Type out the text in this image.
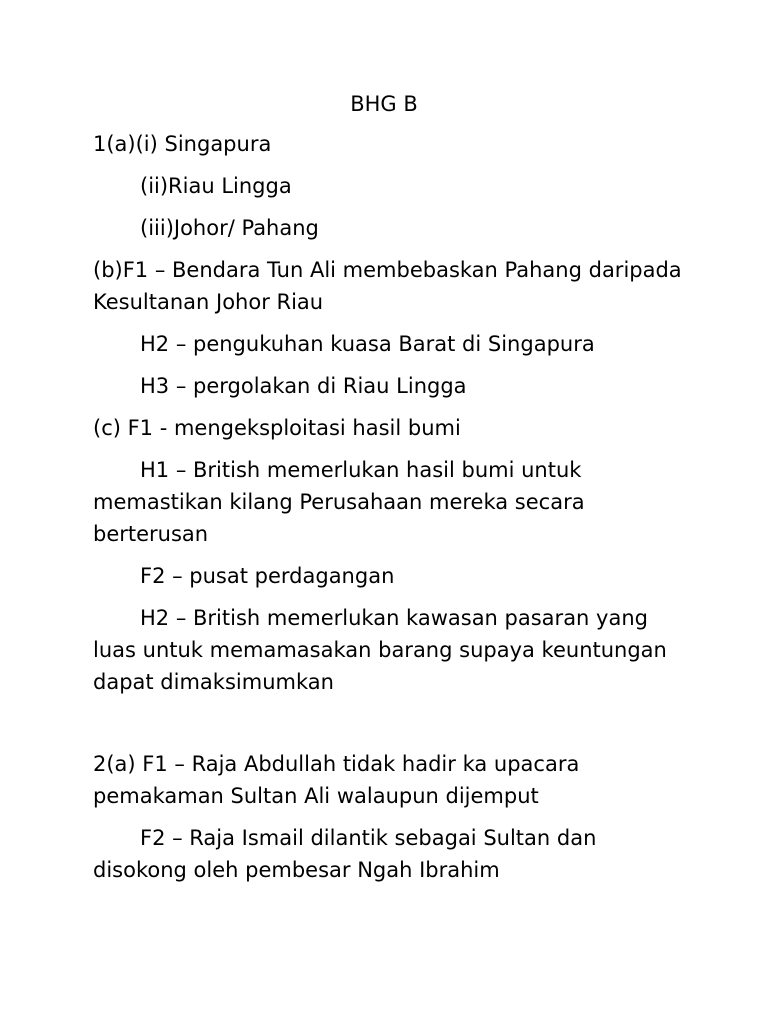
BHG B

1(a)(i) Singapura

(ii)Riau Lingga

(iii)Johor/ Pahang

(b)F1 – Bendara Tun Ali membebaskan Pahang daripada Kesultanan Johor Riau

H2 – pengukuhan kuasa Barat di Singapura

H3 – pergolakan di Riau Lingga

(c) F1 - mengeksploitasi hasil bumi

H1 – British memerlukan hasil bumi untuk memastikan kilang Perusahaan mereka secara berterusan

F2 – pusat perdagangan

H2 – British memerlukan kawasan pasaran yang luas untuk memamasakan barang supaya keuntungan dapat dimaksimumkan

2(a) F1 – Raja Abdullah tidak hadir ka upacara pemakaman Sultan Ali walaupun dijemput

F2 – Raja Ismail dilantik sebagai Sultan dan disokong oleh pembesar Ngah Ibrahim
